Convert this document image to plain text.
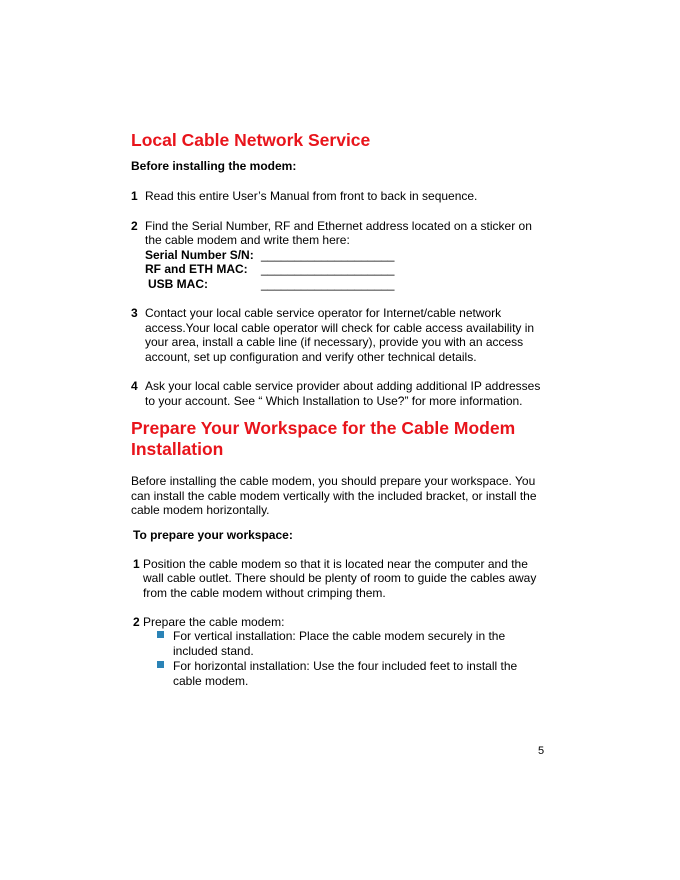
Local Cable Network Service
Before installing the modem:
1 Read this entire User’s Manual from front to back in sequence.
2 Find the Serial Number, RF and Ethernet address located on a sticker on
the cable modem and write them here:
Serial Number S/N: ____________________
RF and ETH MAC: ____________________
USB MAC:	____________________
3 Contact your local cable service operator for Internet/cable network
access.Your local cable operator will check for cable access availability in
your area, install a cable line (if necessary), provide you with an access
account, set up configuration and verify other technical details.
4 Ask your local cable service provider about adding additional IP addresses
to your account. See “ Which Installation to Use?” for more information.
Prepare Your Workspace for the Cable Modem
Installation
Before installing the cable modem, you should prepare your workspace. You
can install the cable modem vertically with the included bracket, or install the
cable modem horizontally.
To prepare your workspace:
1 Position the cable modem so that it is located near the computer and the
wall cable outlet. There should be plenty of room to guide the cables away
from the cable modem without crimping them.
2 Prepare the cable modem:
For vertical installation: Place the cable modem securely in the
included stand.
For horizontal installation: Use the four included feet to install the
cable modem.
5
